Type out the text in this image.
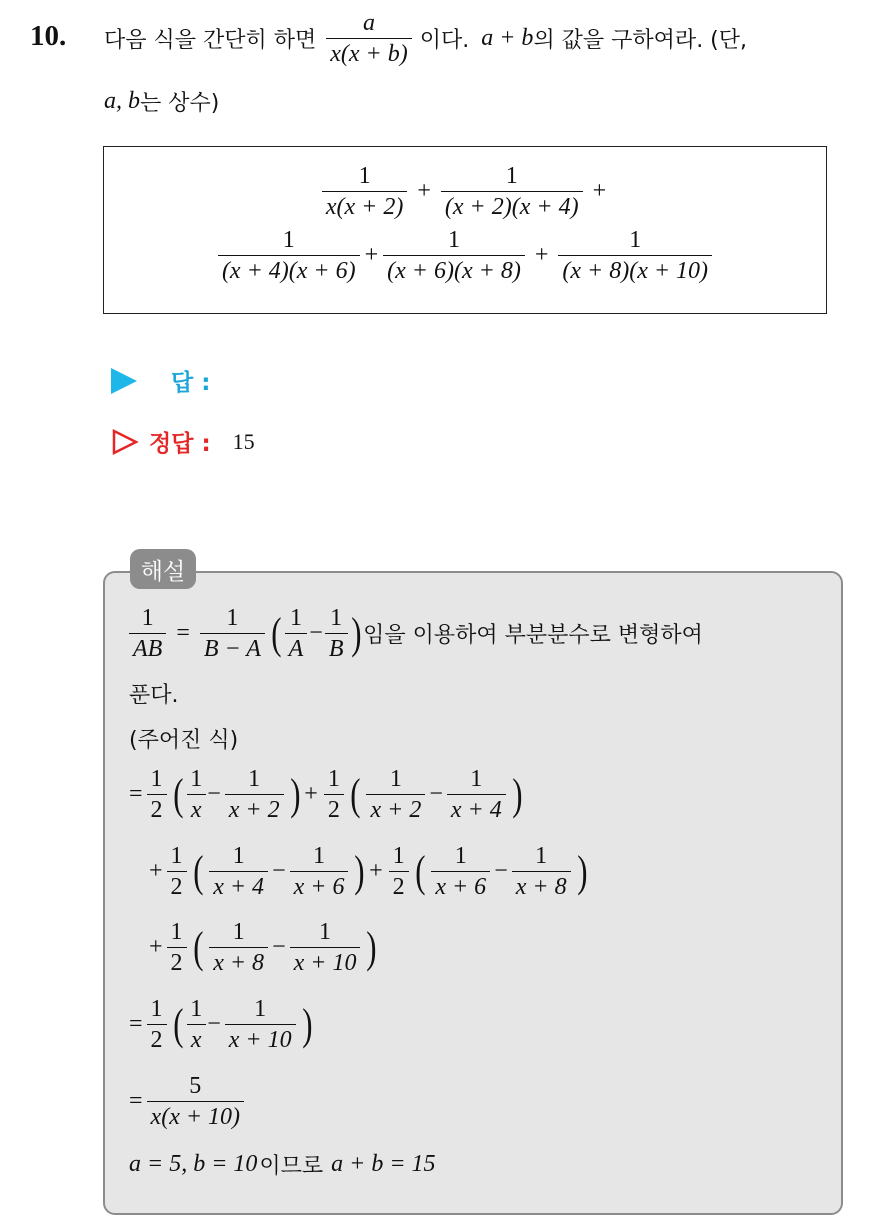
10. 다음 식을 간단히 하면 $\frac{a}{x(x + b)}$ 이다. a + b 의 값을 구하여라. (단,
a, b 는 상수)
$\frac{1}{x(x + 2)} + \frac{1}{(x + 2)(x + 4)}$ +
$\frac{1}{(x + 4)(x + 6)} + \frac{1}{(x + 6)(x + 8)} + \frac{1}{(x + 8)(x + 10)}$
답 :
정답 : 15
$\frac{1}{AB} = \frac{1}{B - A}$ ( $\frac{1}{A} - \frac{1}{B}$ ) 임을 이용하여 부분분수로 변형하여
푼다.
(주어진 식)
= $\frac{1}{2}$ ( $\frac{1}{x} - \frac{1}{x + 2}$ ) + $\frac{1}{2}$ ( $\frac{1}{x + 2} - \frac{1}{x + 4}$ )
+ $\frac{1}{2}$ ( $\frac{1}{x + 4} - \frac{1}{x + 6}$ ) + $\frac{1}{2}$ ( $\frac{1}{x + 6} - \frac{1}{x + 8}$ )
+ $\frac{1}{2}$ ( $\frac{1}{x + 8} - \frac{1}{x + 10}$ )
= $\frac{1}{2}$ ( $\frac{1}{x} - \frac{1}{x + 10}$ )
= $\frac{5}{x(x + 10)}$
a = 5, b = 10 이므로 a + b = 15
해설
